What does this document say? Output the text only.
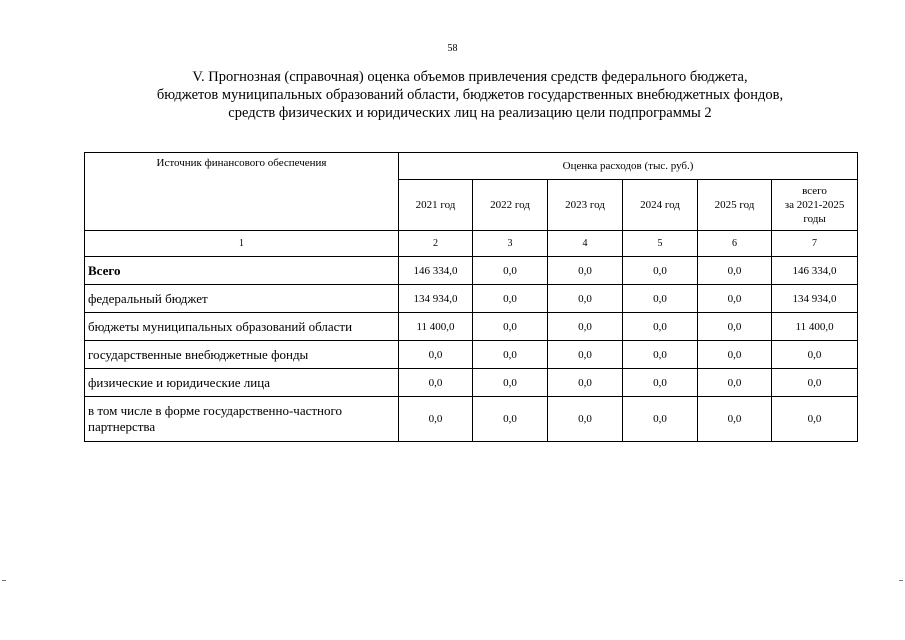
58
V. Прогнозная (справочная) оценка объемов привлечения средств федерального бюджета,
бюджетов муниципальных образований области, бюджетов государственных внебюджетных фондов,
средств физических и юридических лиц на реализацию цели подпрограммы 2
Источник финансового обеспечения	Оценка расходов (тыс. руб.)					
	2021 год	2022 год	2023 год	2024 год	2025 год	всего
за 2021-2025
годы

1	2	3	4	5	6	7
Всего	146 334,0	0,0	0,0	0,0	0,0	146 334,0
федеральный бюджет	134 934,0	0,0	0,0	0,0	0,0	134 934,0
бюджеты муниципальных образований области	11 400,0	0,0	0,0	0,0	0,0	11 400,0
государственные внебюджетные фонды	0,0	0,0	0,0	0,0	0,0	0,0
физические и юридические лица	0,0	0,0	0,0	0,0	0,0	0,0

в том числе в форме государственно-частного
партнерства	0,0	0,0	0,0	0,0	0,0	0,0
